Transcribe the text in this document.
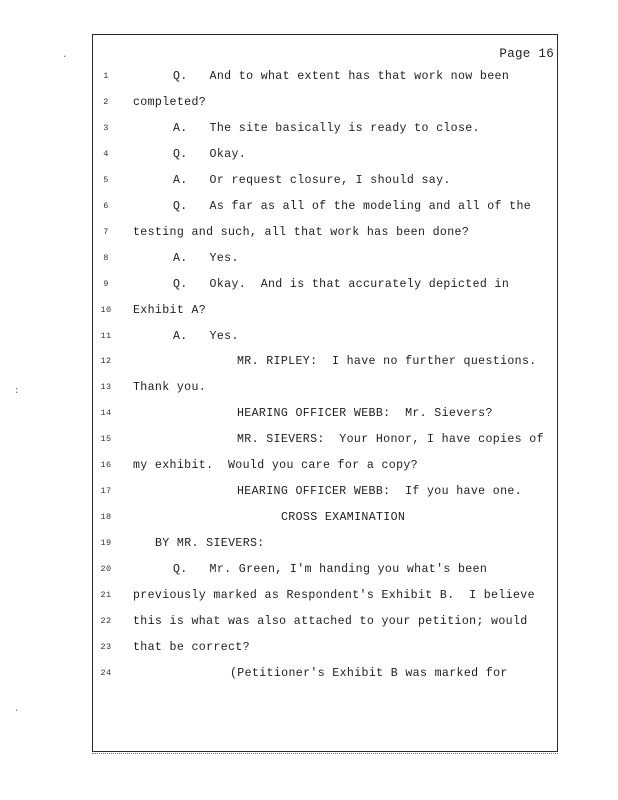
Page 16
1	Q.   And to what extent has that work now been
2	completed?
3	A.   The site basically is ready to close.
4	Q.   Okay.
5	A.   Or request closure, I should say.
6	Q.   As far as all of the modeling and all of the
7	testing and such, all that work has been done?
8	A.   Yes.
9	Q.   Okay.  And is that accurately depicted in
10 Exhibit A?
11	A.   Yes.
12	MR. RIPLEY:  I have no further questions.
13 Thank you.
14	HEARING OFFICER WEBB:  Mr. Sievers?
15	MR. SIEVERS:  Your Honor, I have copies of
16 my exhibit.  Would you care for a copy?
17	HEARING OFFICER WEBB:  If you have one.
18	CROSS EXAMINATION
19	BY MR. SIEVERS:
20	Q.   Mr. Green, I'm handing you what's been
21 previously marked as Respondent's Exhibit B.  I believe
22 this is what was also attached to your petition; would
23 that be correct?
24	(Petitioner's Exhibit B was marked for
·
:
·
